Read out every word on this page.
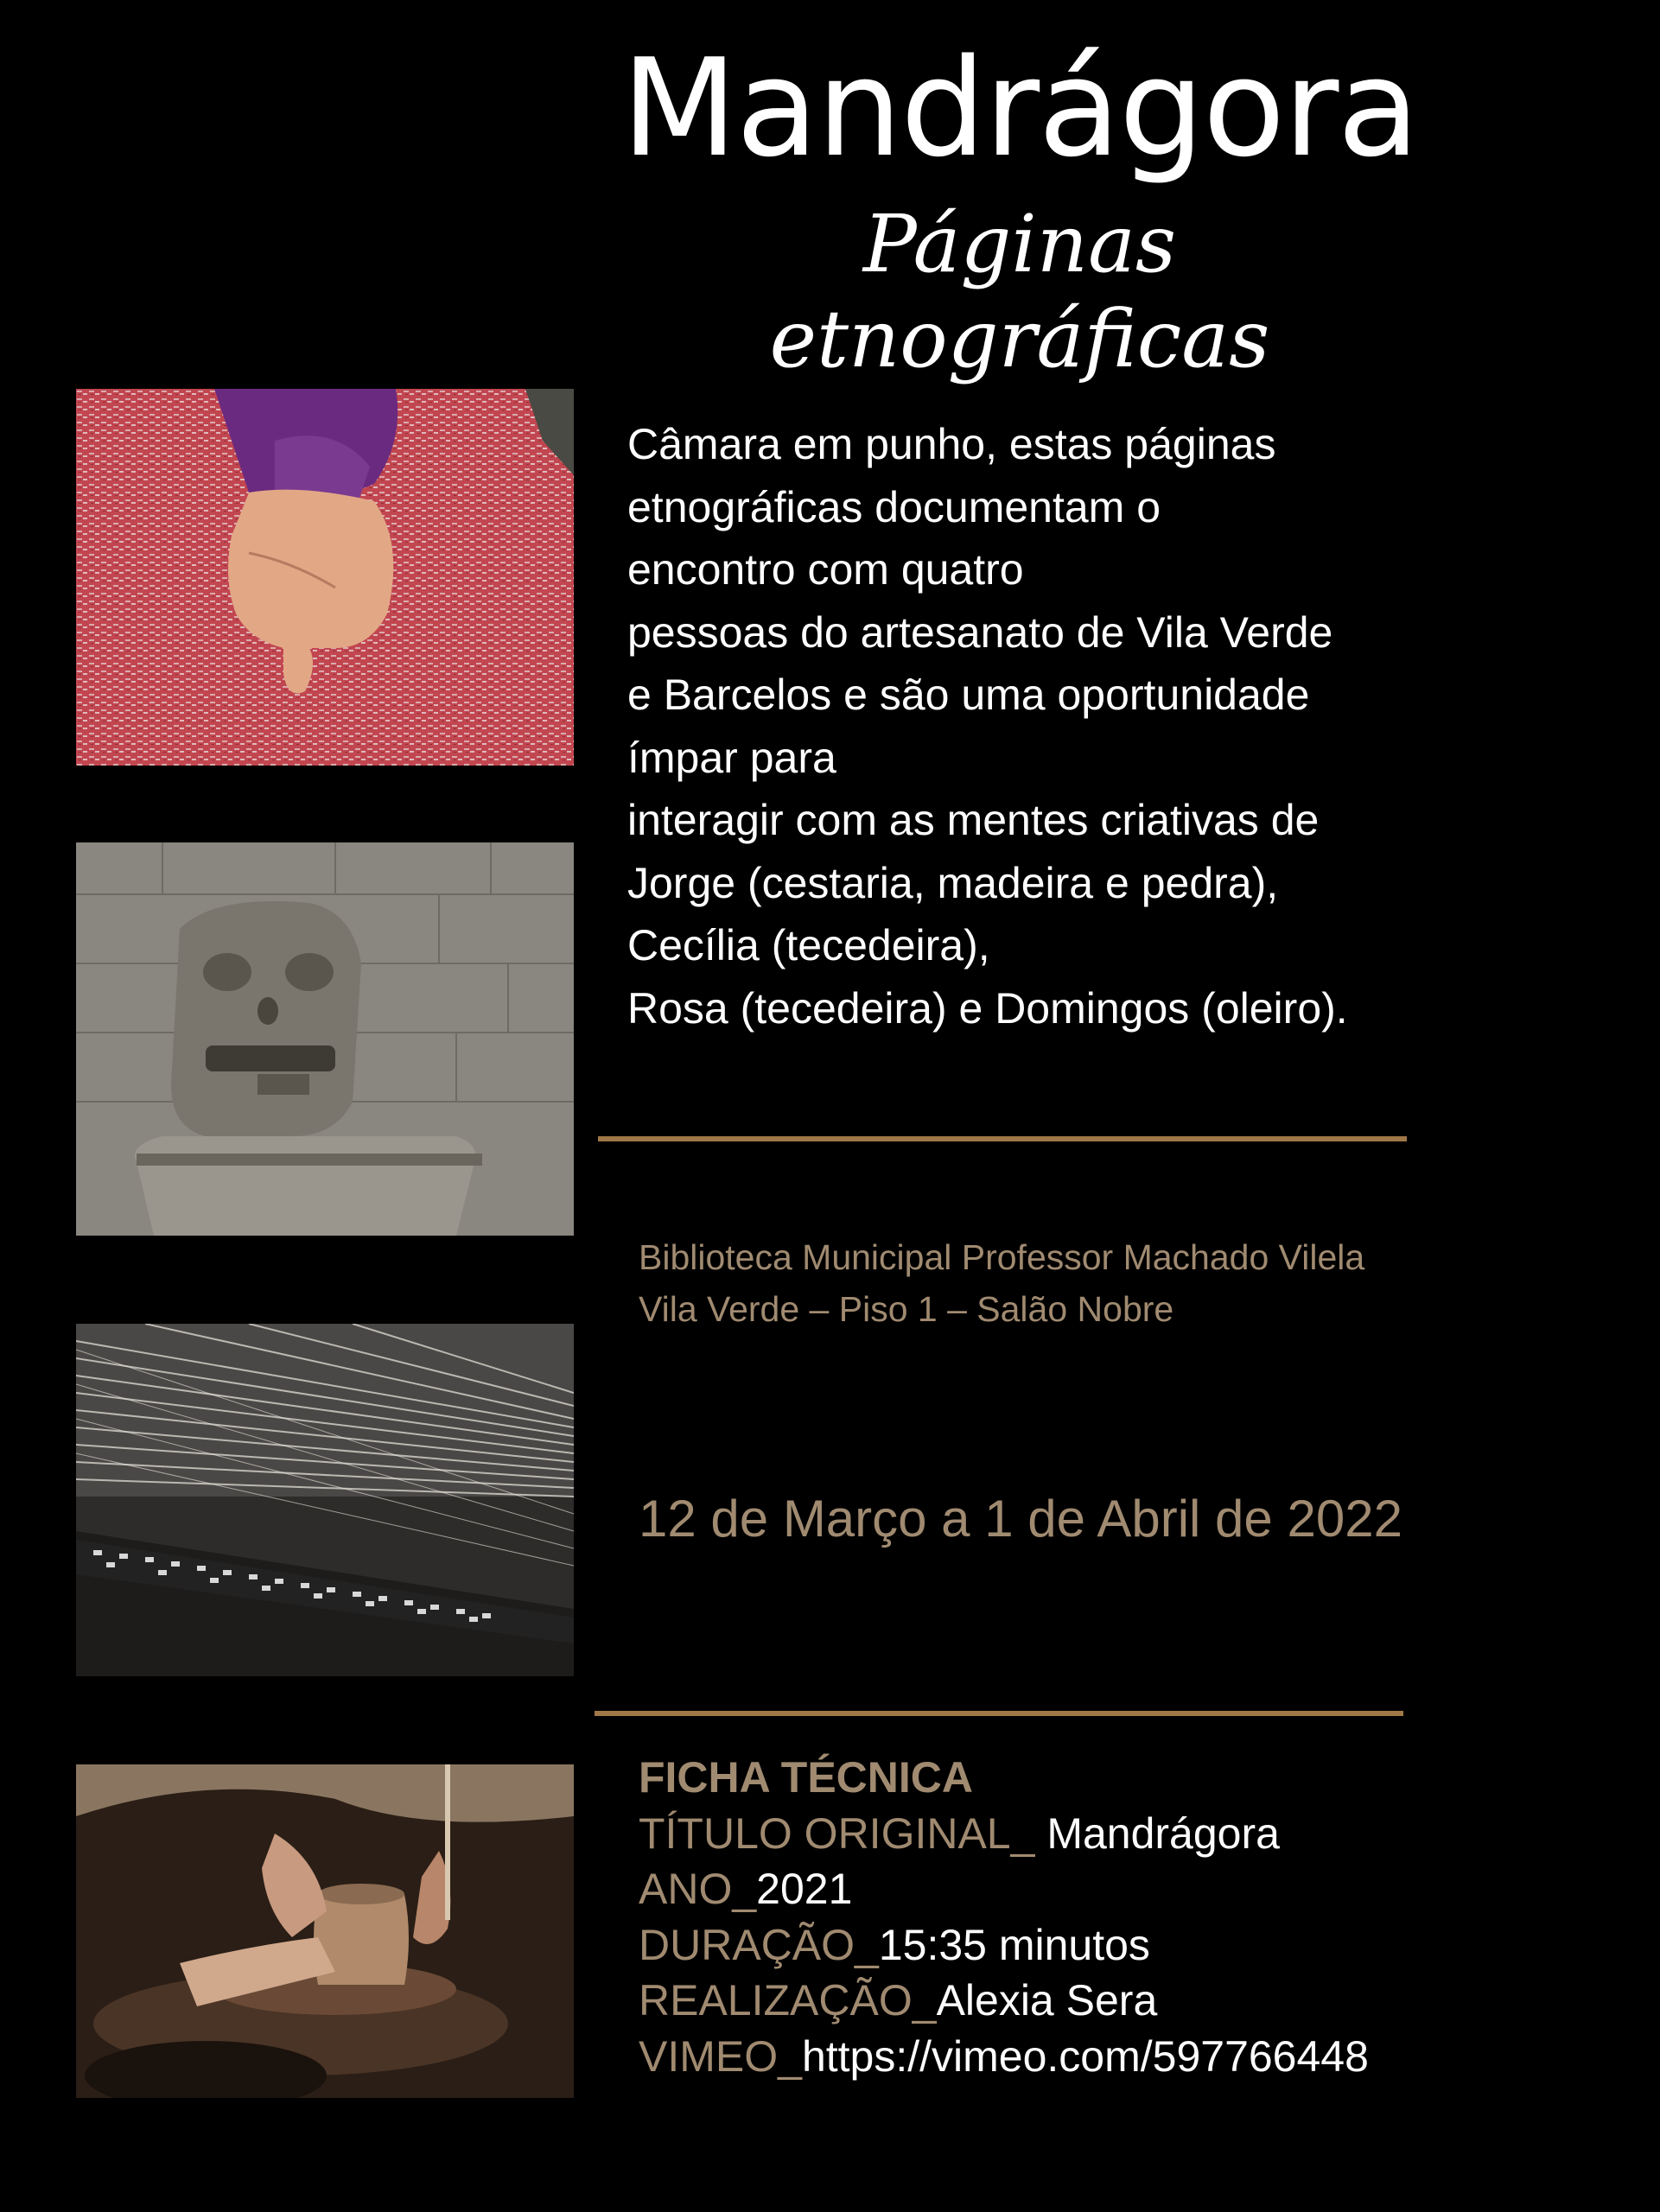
Mandrágora
Páginas etnográficas

Câmara em punho, estas páginas
etnográficas documentam o
encontro com quatro
pessoas do artesanato de Vila Verde
e Barcelos e são uma oportunidade
ímpar para
interagir com as mentes criativas de
Jorge (cestaria, madeira e pedra),
Cecília (tecedeira),
Rosa (tecedeira) e Domingos (oleiro).

Biblioteca Municipal Professor Machado Vilela
Vila Verde – Piso 1 – Salão Nobre
12 de Março a 1 de Abril de 2022
FICHA TÉCNICA
TÍTULO ORIGINAL_ Mandrágora
ANO_2021
DURAÇÃO_15:35 minutos
REALIZAÇÃO_Alexia Sera
VIMEO_https://vimeo.com/597766448
